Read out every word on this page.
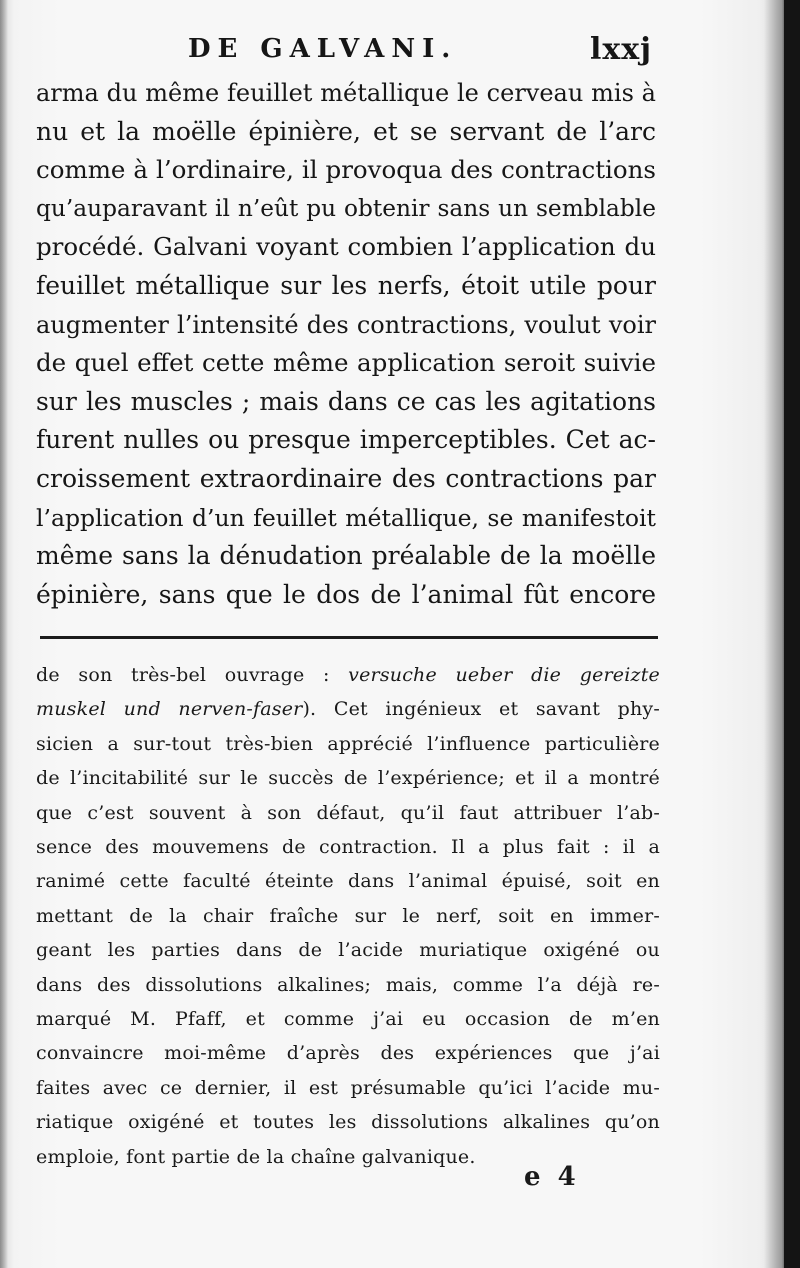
DE GALVANI.	lxxj
arma du même feuillet métallique le cerveau mis à
nu et la moëlle épinière, et se servant de l’arc
comme à l’ordinaire, il provoqua des contractions
qu’auparavant il n’eût pu obtenir sans un semblable
procédé. Galvani voyant combien l’application du
feuillet métallique sur les nerfs, étoit utile pour
augmenter l’intensité des contractions, voulut voir
de quel effet cette même application seroit suivie
sur les muscles ; mais dans ce cas les agitations
furent nulles ou presque imperceptibles. Cet ac-
croissement extraordinaire des contractions par
l’application d’un feuillet métallique, se manifestoit
même sans la dénudation préalable de la moëlle
épinière, sans que le dos de l’animal fût encore
de son très-bel ouvrage : versuche ueber die gereizte
muskel und nerven-faser). Cet ingénieux et savant phy-
sicien a sur-tout très-bien apprécié l’influence particulière
de l’incitabilité sur le succès de l’expérience; et il a montré
que c’est souvent à son défaut, qu’il faut attribuer l’ab-
sence des mouvemens de contraction. Il a plus fait : il a
ranimé cette faculté éteinte dans l’animal épuisé, soit en
mettant de la chair fraîche sur le nerf, soit en immer-
geant les parties dans de l’acide muriatique oxigéné ou
dans des dissolutions alkalines; mais, comme l’a déjà re-
marqué M. Pfaff, et comme j’ai eu occasion de m’en
convaincre moi-même d’après des expériences que j’ai
faites avec ce dernier, il est présumable qu’ici l’acide mu-
riatique oxigéné et toutes les dissolutions alkalines qu’on
emploie, font partie de la chaîne galvanique.
e 4
